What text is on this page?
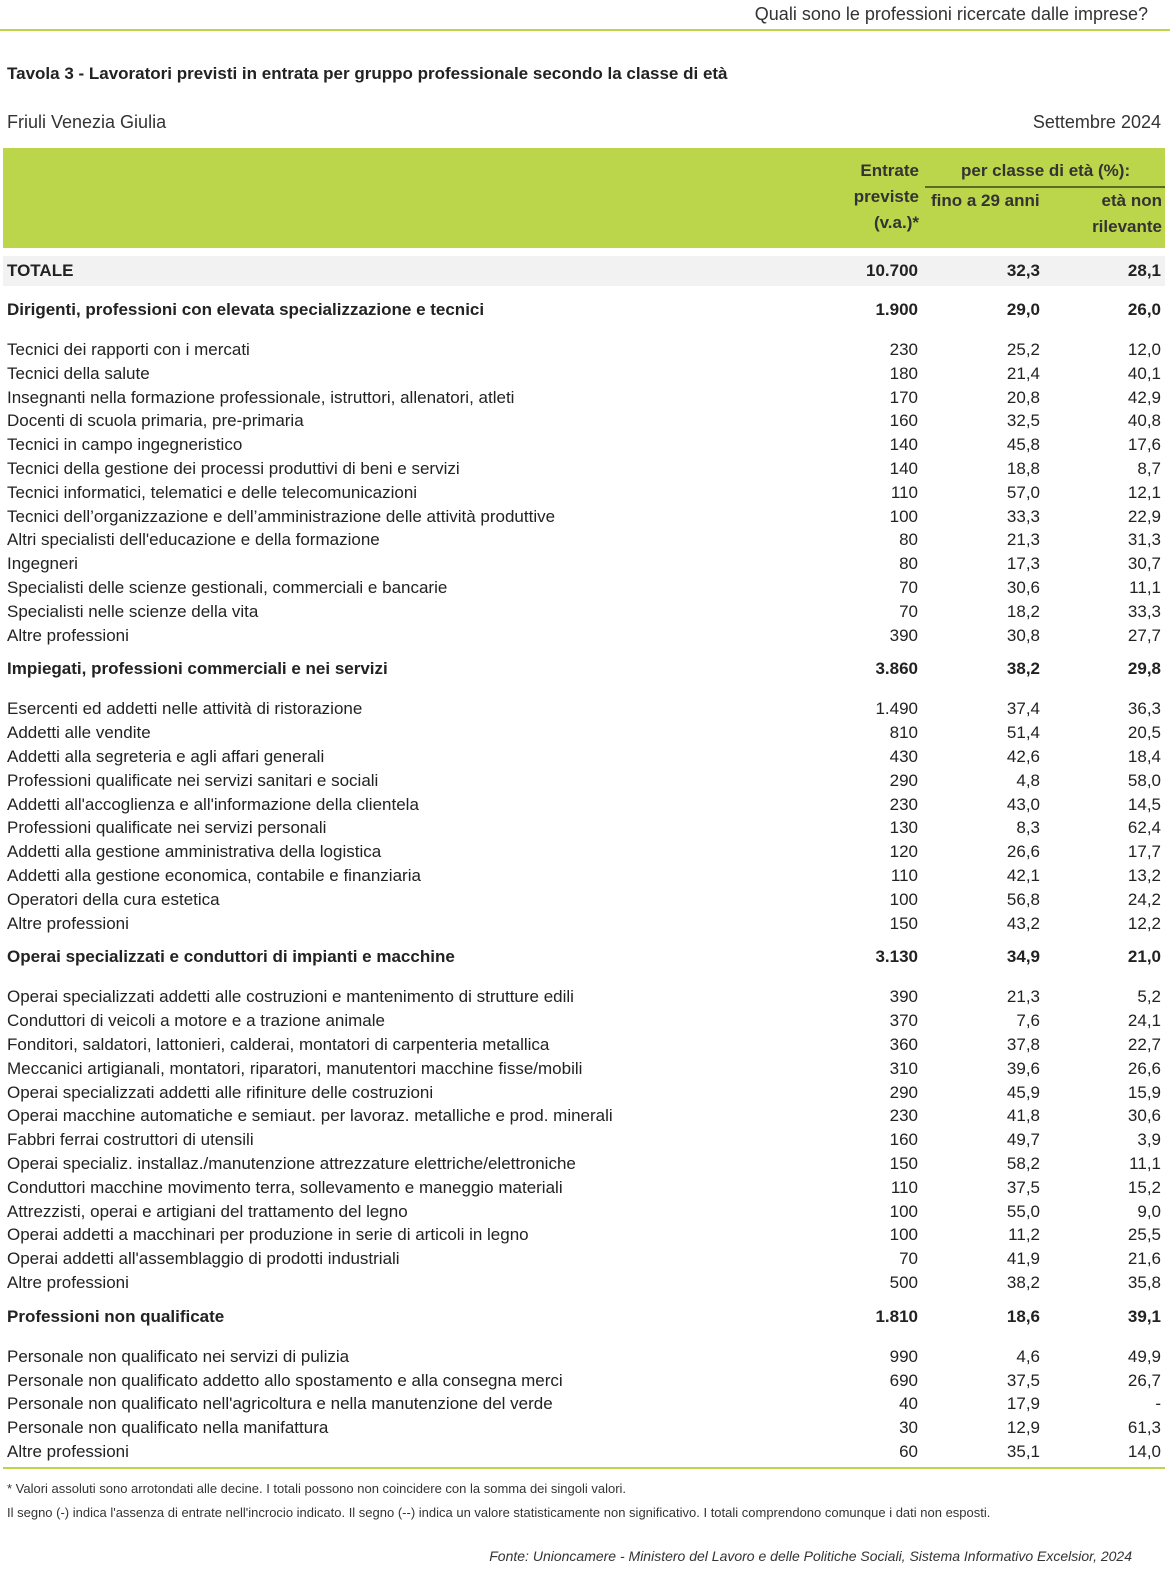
Quali sono le professioni ricercate dalle imprese?
Tavola 3 - Lavoratori previsti in entrata per gruppo professionale secondo la classe di età
Friuli Venezia Giulia	Settembre 2024
Entrate
previste
(v.a.)*
per classe di età (%):
fino a 29 anni	età non
rilevante
TOTALE	10.700	32,3	28,1
Dirigenti, professioni con elevata specializzazione e tecnici	1.900	29,0	26,0
Tecnici dei rapporti con i mercati	230	25,2	12,0
Tecnici della salute	180	21,4	40,1
Insegnanti nella formazione professionale, istruttori, allenatori, atleti	170	20,8	42,9
Docenti di scuola primaria, pre-primaria	160	32,5	40,8
Tecnici in campo ingegneristico	140	45,8	17,6
Tecnici della gestione dei processi produttivi di beni e servizi	140	18,8	8,7
Tecnici informatici, telematici e delle telecomunicazioni	110	57,0	12,1
Tecnici dell’organizzazione e dell’amministrazione delle attività produttive	100	33,3	22,9
Altri specialisti dell'educazione e della formazione	80	21,3	31,3
Ingegneri	80	17,3	30,7
Specialisti delle scienze gestionali, commerciali e bancarie	70	30,6	11,1
Specialisti nelle scienze della vita	70	18,2	33,3
Altre professioni	390	30,8	27,7
Impiegati, professioni commerciali e nei servizi	3.860	38,2	29,8
Esercenti ed addetti nelle attività di ristorazione	1.490	37,4	36,3
Addetti alle vendite	810	51,4	20,5
Addetti alla segreteria e agli affari generali	430	42,6	18,4
Professioni qualificate nei servizi sanitari e sociali	290	4,8	58,0
Addetti all'accoglienza e all'informazione della clientela	230	43,0	14,5
Professioni qualificate nei servizi personali	130	8,3	62,4
Addetti alla gestione amministrativa della logistica	120	26,6	17,7
Addetti alla gestione economica, contabile e finanziaria	110	42,1	13,2
Operatori della cura estetica	100	56,8	24,2
Altre professioni	150	43,2	12,2
Operai specializzati e conduttori di impianti e macchine	3.130	34,9	21,0
Operai specializzati addetti alle costruzioni e mantenimento di strutture edili	390	21,3	5,2
Conduttori di veicoli a motore e a trazione animale	370	7,6	24,1
Fonditori, saldatori, lattonieri, calderai, montatori di carpenteria metallica	360	37,8	22,7
Meccanici artigianali, montatori, riparatori, manutentori macchine fisse/mobili	310	39,6	26,6
Operai specializzati addetti alle rifiniture delle costruzioni	290	45,9	15,9
Operai macchine automatiche e semiaut. per lavoraz. metalliche e prod. minerali	230	41,8	30,6
Fabbri ferrai costruttori di utensili	160	49,7	3,9
Operai specializ. installaz./manutenzione attrezzature elettriche/elettroniche	150	58,2	11,1
Conduttori macchine movimento terra, sollevamento e maneggio materiali	110	37,5	15,2
Attrezzisti, operai e artigiani del trattamento del legno	100	55,0	9,0
Operai addetti a macchinari per produzione in serie di articoli in legno	100	11,2	25,5
Operai addetti all'assemblaggio di prodotti industriali	70	41,9	21,6
Altre professioni	500	38,2	35,8
Professioni non qualificate	1.810	18,6	39,1
Personale non qualificato nei servizi di pulizia	990	4,6	49,9
Personale non qualificato addetto allo spostamento e alla consegna merci	690	37,5	26,7
Personale non qualificato nell'agricoltura e nella manutenzione del verde	40	17,9	-
Personale non qualificato nella manifattura	30	12,9	61,3
Altre professioni	60	35,1	14,0
* Valori assoluti sono arrotondati alle decine. I totali possono non coincidere con la somma dei singoli valori.
Il segno (-) indica l'assenza di entrate nell'incrocio indicato. Il segno (--) indica un valore statisticamente non significativo. I totali comprendono comunque i dati non esposti.
Fonte: Unioncamere - Ministero del Lavoro e delle Politiche Sociali, Sistema Informativo Excelsior, 2024
